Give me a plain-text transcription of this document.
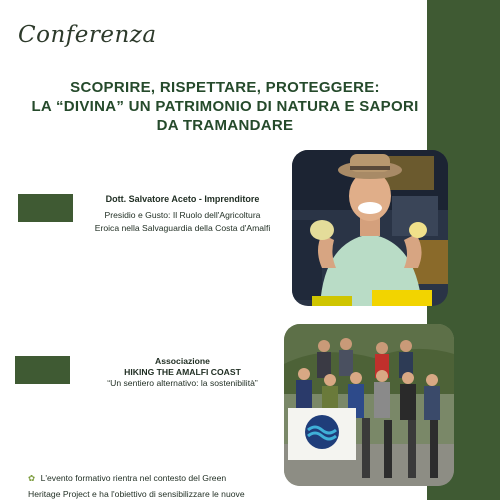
Conferenza
SCOPRIRE, RISPETTARE, PROTEGGERE:
LA “DIVINA” UN PATRIMONIO DI NATURA E SAPORI
DA TRAMANDARE
Dott. Salvatore Aceto - Imprenditore
Presidio e Gusto: Il Ruolo dell'Agricoltura
Eroica nella Salvaguardia della Costa d'Amalfi
Associazione
HIKING THE AMALFI COAST
“Un sentiero alternativo: la sostenibilità”
✿ L'evento formativo rientra nel contesto del Green
Heritage Project e ha l'obiettivo di sensibilizzare le nuove
